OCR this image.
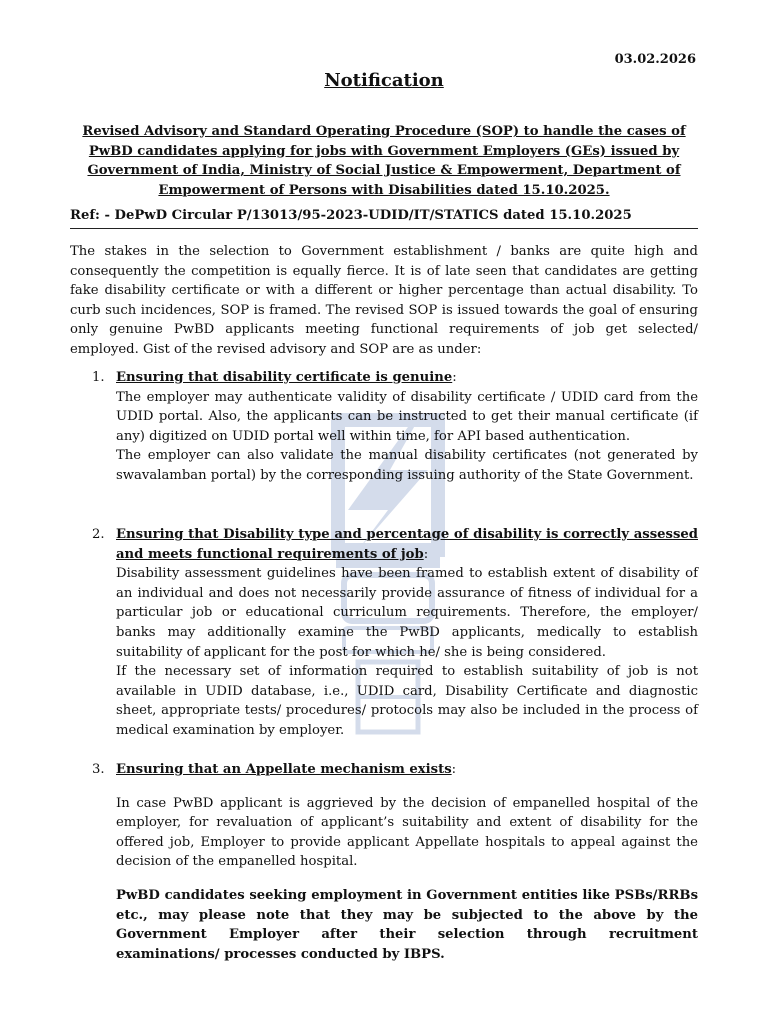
03.02.2026
Notification
Revised Advisory and Standard Operating Procedure (SOP) to handle the cases of PwBD candidates applying for jobs with Government Employers (GEs) issued by Government of India, Ministry of Social Justice & Empowerment, Department of Empowerment of Persons with Disabilities dated 15.10.2025.
Ref: - DePwD Circular P/13013/95-2023-UDID/IT/STATICS dated 15.10.2025
The stakes in the selection to Government establishment / banks are quite high and consequently the competition is equally fierce. It is of late seen that candidates are getting fake disability certificate or with a different or higher percentage than actual disability. To curb such incidences, SOP is framed. The revised SOP is issued towards the goal of ensuring only genuine PwBD applicants meeting functional requirements of job get selected/ employed. Gist of the revised advisory and SOP are as under:
1. Ensuring that disability certificate is genuine:

The employer may authenticate validity of disability certificate / UDID card from the UDID portal. Also, the applicants can be instructed to get their manual certificate (if any) digitized on UDID portal well within time, for API based authentication.

The employer can also validate the manual disability certificates (not generated by swavalamban portal) by the corresponding issuing authority of the State Government.

2. Ensuring that Disability type and percentage of disability is correctly assessed and meets functional requirements of job:

Disability assessment guidelines have been framed to establish extent of disability of an individual and does not necessarily provide assurance of fitness of individual for a particular job or educational curriculum requirements. Therefore, the employer/ banks may additionally examine the PwBD applicants, medically to establish suitability of applicant for the post for which he/ she is being considered.

If the necessary set of information required to establish suitability of job is not available in UDID database, i.e., UDID card, Disability Certificate and diagnostic sheet, appropriate tests/ procedures/ protocols may also be included in the process of medical examination by employer.

3. Ensuring that an Appellate mechanism exists:

In case PwBD applicant is aggrieved by the decision of empanelled hospital of the employer, for revaluation of applicant’s suitability and extent of disability for the offered job, Employer to provide applicant Appellate hospitals to appeal against the decision of the empanelled hospital.

PwBD candidates seeking employment in Government entities like PSBs/RRBs etc., may please note that they may be subjected to the above by the Government Employer after their selection through recruitment examinations/ processes conducted by IBPS.
